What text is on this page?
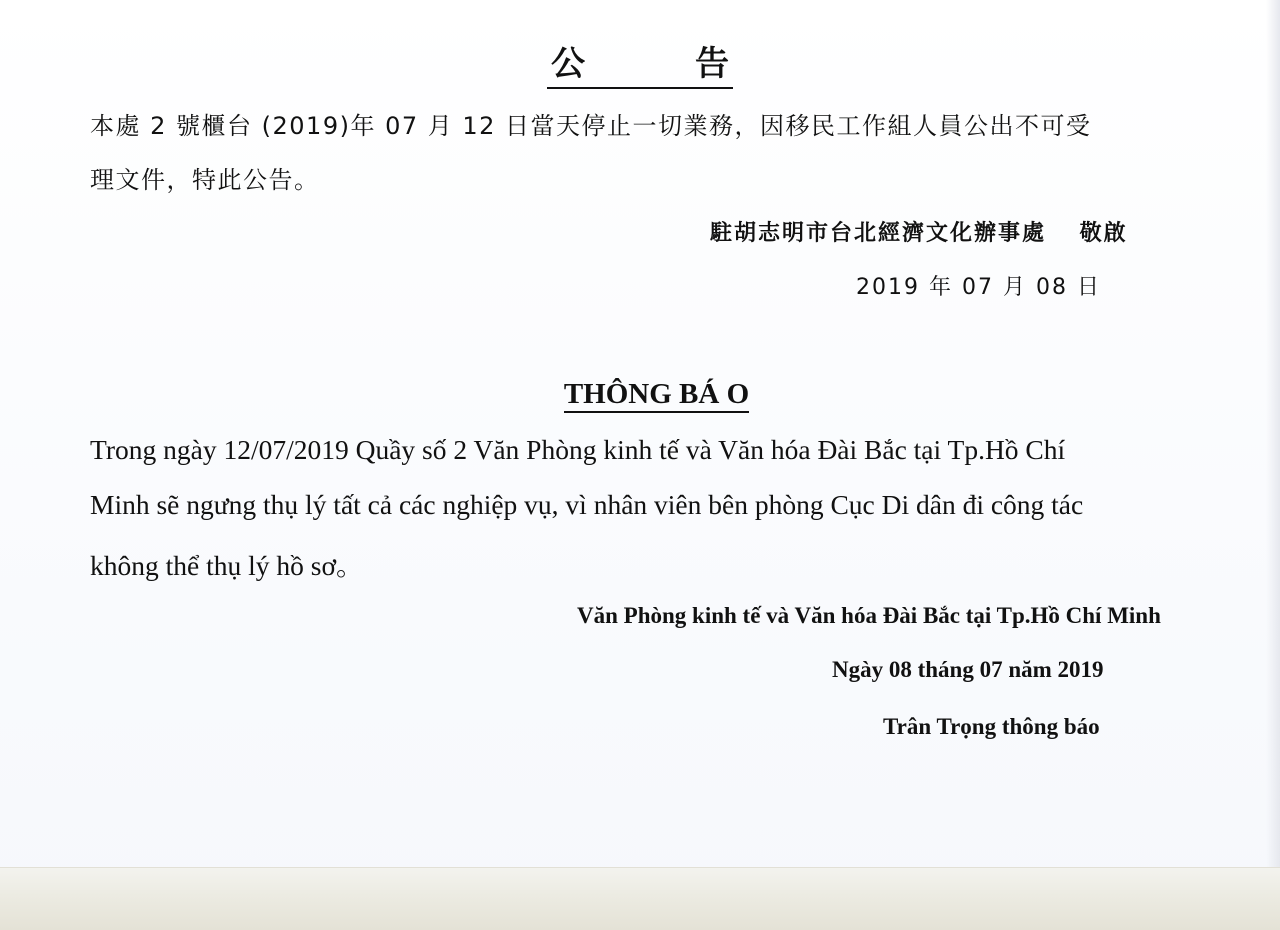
公	告
本處 2 號櫃台 (2019)年 07 月 12 日當天停止一切業務，因移民工作組人員公出不可受
理文件，特此公告。
駐胡志明市台北經濟文化辦事處　 敬啟
2019 年 07 月 08 日
THÔNG BÁ O
Trong ngày 12/07/2019 Quầy số 2 Văn Phòng kinh tế và Văn hóa Đài Bắc tại Tp.Hồ Chí
Minh sẽ ngưng thụ lý tất cả các nghiệp vụ, vì nhân viên bên phòng Cục Di dân đi công tác
không thể thụ lý hồ sơ。
Văn Phòng kinh tế và Văn hóa Đài Bắc tại Tp.Hồ Chí Minh
Ngày 08 tháng 07 năm 2019
Trân Trọng thông báo
